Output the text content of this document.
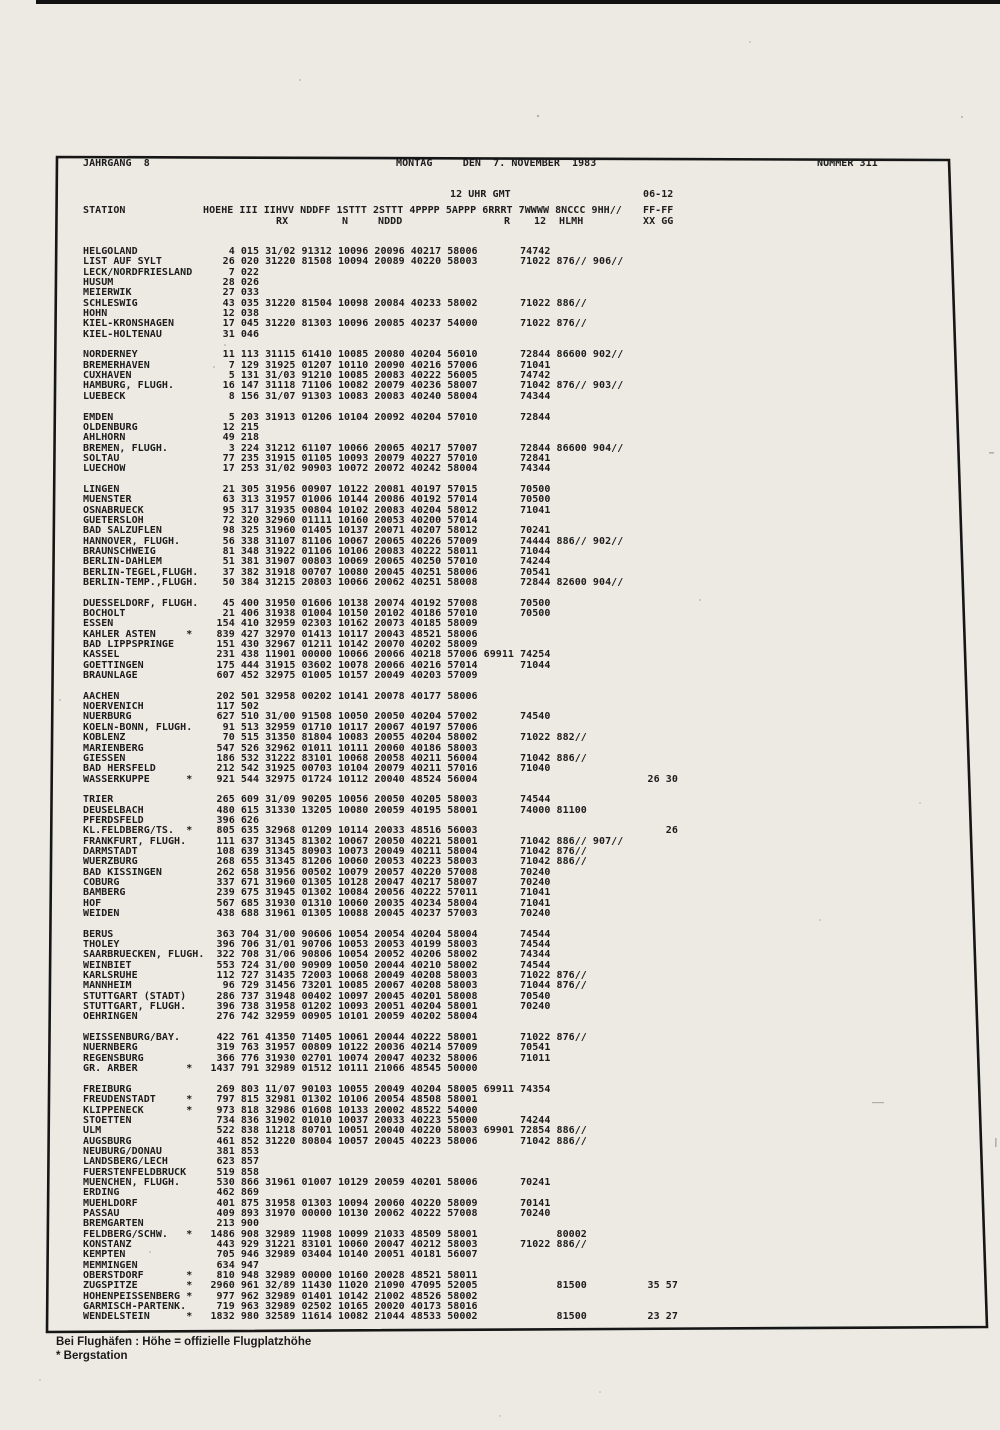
JAHRGANG  8	MONTAG     DEN  7. NOVEMBER  1983	NUMMER 311
12 UHR GMT	06-12
STATION	HOEHE III IIHVV NDDFF 1STTT 2STTT 4PPPP 5APPP 6RRRT 7WWWW 8NCCC 9HH// FF-FF
RX	N	NDDD	R 12 HLMH	XX GG
HELGOLAND               4 015 31/02 91312 10096 20096 40217 58006       74742
LIST AUF SYLT          26 020 31220 81508 10094 20089 40220 58003       71022 876// 906//
LECK/NORDFRIESLAND      7 022
HUSUM                  28 026
MEIERWIK               27 033
SCHLESWIG              43 035 31220 81504 10098 20084 40233 58002       71022 886//
HOHN                   12 038
KIEL-KRONSHAGEN        17 045 31220 81303 10096 20085 40237 54000       71022 876//
KIEL-HOLTENAU          31 046

NORDERNEY              11 113 31115 61410 10085 20080 40204 56010       72844 86600 902//
BREMERHAVEN             7 129 31925 01207 10110 20090 40216 57006       71041
CUXHAVEN                5 131 31/03 91210 10085 20083 40222 56005       74742
HAMBURG, FLUGH.        16 147 31118 71106 10082 20079 40236 58007       71042 876// 903//
LUEBECK                 8 156 31/07 91303 10083 20083 40240 58004       74344

EMDEN                   5 203 31913 01206 10104 20092 40204 57010       72844
OLDENBURG              12 215
AHLHORN                49 218
BREMEN, FLUGH.          3 224 31212 61107 10066 20065 40217 57007       72844 86600 904//
SOLTAU                 77 235 31915 01105 10093 20079 40227 57010       72841
LUECHOW                17 253 31/02 90903 10072 20072 40242 58004       74344

LINGEN                 21 305 31956 00907 10122 20081 40197 57015       70500
MUENSTER               63 313 31957 01006 10144 20086 40192 57014       70500
OSNABRUECK             95 317 31935 00804 10102 20083 40204 58012       71041
GUETERSLOH             72 320 32960 01111 10160 20053 40200 57014
BAD SALZUFLEN          98 325 31960 01405 10137 20071 40207 58012       70241
HANNOVER, FLUGH.       56 338 31107 81106 10067 20065 40226 57009       74444 886// 902//
BRAUNSCHWEIG           81 348 31922 01106 10106 20083 40222 58011       71044
BERLIN-DAHLEM          51 381 31907 00803 10069 20065 40250 57010       74244
BERLIN-TEGEL,FLUGH.    37 382 31918 00707 10080 20045 40251 58006       70541
BERLIN-TEMP.,FLUGH.    50 384 31215 20803 10066 20062 40251 58008       72844 82600 904//

DUESSELDORF, FLUGH.    45 400 31950 01606 10138 20074 40192 57008       70500
BOCHOLT                21 406 31938 01004 10150 20102 40186 57010       70500
ESSEN                 154 410 32959 02303 10162 20073 40185 58009
KAHLER ASTEN     *    839 427 32970 01413 10117 20043 48521 58006
BAD LIPPSPRINGE       151 430 32967 01211 10142 20070 40202 58009
KASSEL                231 438 11901 00000 10066 20066 40218 57006 69911 74254
GOETTINGEN            175 444 31915 03602 10078 20066 40216 57014       71044
BRAUNLAGE             607 452 32975 01005 10157 20049 40203 57009

AACHEN                202 501 32958 00202 10141 20078 40177 58006
NOERVENICH            117 502
NUERBURG              627 510 31/00 91508 10050 20050 40204 57002       74540
KOELN-BONN, FLUGH.     91 513 32959 01710 10117 20067 40197 57006
KOBLENZ                70 515 31350 81804 10083 20055 40204 58002       71022 882//
MARIENBERG            547 526 32962 01011 10111 20060 40186 58003
GIESSEN               186 532 31222 83101 10068 20058 40211 56004       71042 886//
BAD HERSFELD          212 542 31925 00703 10104 20079 40211 57016       71040
WASSERKUPPE      *    921 544 32975 01724 10112 20040 48524 56004                            26 30

TRIER                 265 609 31/09 90205 10056 20050 40205 58003       74544
DEUSELBACH            480 615 31330 13205 10080 20059 40195 58001       74000 81100
PFERDSFELD            396 626
KL.FELDBERG/TS.  *    805 635 32968 01209 10114 20033 48516 56003                               26
FRANKFURT, FLUGH.     111 637 31345 81302 10067 20050 40221 58001       71042 886// 907//
DARMSTADT             108 639 31345 80903 10073 20049 40211 58004       71042 876//
WUERZBURG             268 655 31345 81206 10060 20053 40223 58003       71042 886//
BAD KISSINGEN         262 658 31956 00502 10079 20057 40220 57008       70240
COBURG                337 671 31960 01305 10128 20047 40217 58007       70240
BAMBERG               239 675 31945 01302 10084 20056 40222 57011       71041
HOF                   567 685 31930 01310 10060 20035 40234 58004       71041
WEIDEN                438 688 31961 01305 10088 20045 40237 57003       70240

BERUS                 363 704 31/00 90606 10054 20054 40204 58004       74544
THOLEY                396 706 31/01 90706 10053 20053 40199 58003       74544
SAARBRUECKEN, FLUGH.  322 708 31/06 90806 10054 20052 40206 58002       74344
WEINBIET              553 724 31/00 90909 10050 20044 40210 58002       74544
KARLSRUHE             112 727 31435 72003 10068 20049 40208 58003       71022 876//
MANNHEIM               96 729 31456 73201 10085 20067 40208 58003       71044 876//
STUTTGART (STADT)     286 737 31948 00402 10097 20045 40201 58008       70540
STUTTGART, FLUGH.     396 738 31958 01202 10093 20051 40204 58001       70240
OEHRINGEN             276 742 32959 00905 10101 20059 40202 58004

WEISSENBURG/BAY.      422 761 41350 71405 10061 20044 40222 58001       71022 876//
NUERNBERG             319 763 31957 00809 10122 20036 40214 57009       70541
REGENSBURG            366 776 31930 02701 10074 20047 40232 58006       71011
GR. ARBER        *   1437 791 32989 01512 10111 21066 48545 50000

FREIBURG              269 803 11/07 90103 10055 20049 40204 58005 69911 74354
FREUDENSTADT     *    797 815 32981 01302 10106 20054 48508 58001
KLIPPENECK       *    973 818 32986 01608 10133 20002 48522 54000
STOETTEN              734 836 31902 01010 10037 20033 40223 55000       74244
ULM                   522 838 11218 80701 10051 20040 40220 58003 69901 72854 886//
AUGSBURG              461 852 31220 80804 10057 20045 40223 58006       71042 886//
NEUBURG/DONAU         381 853
LANDSBERG/LECH        623 857
FUERSTENFELDBRUCK     519 858
MUENCHEN, FLUGH.      530 866 31961 01007 10129 20059 40201 58006       70241
ERDING                462 869
MUEHLDORF             401 875 31958 01303 10094 20060 40220 58009       70141
PASSAU                409 893 31970 00000 10130 20062 40222 57008       70240
BREMGARTEN            213 900
FELDBERG/SCHW.   *   1486 908 32989 11908 10099 21033 48509 58001             80002
KONSTANZ              443 929 31221 83101 10060 20047 40212 58003       71022 886//
KEMPTEN               705 946 32989 03404 10140 20051 40181 56007
MEMMINGEN             634 947
OBERSTDORF       *    810 948 32989 00000 10160 20028 48521 58011
ZUGSPITZE        *   2960 961 32/89 11430 11020 21090 47095 52005             81500          35 57
HOHENPEISSENBERG *    977 962 32989 01401 10142 21002 48526 58002
GARMISCH-PARTENK.     719 963 32989 02502 10165 20020 40173 58016
WENDELSTEIN      *   1832 980 32589 11614 10082 21044 48533 50002             81500          23 27
Bei Flughäfen : Höhe = offizielle Flugplatzhöhe
* Bergstation
